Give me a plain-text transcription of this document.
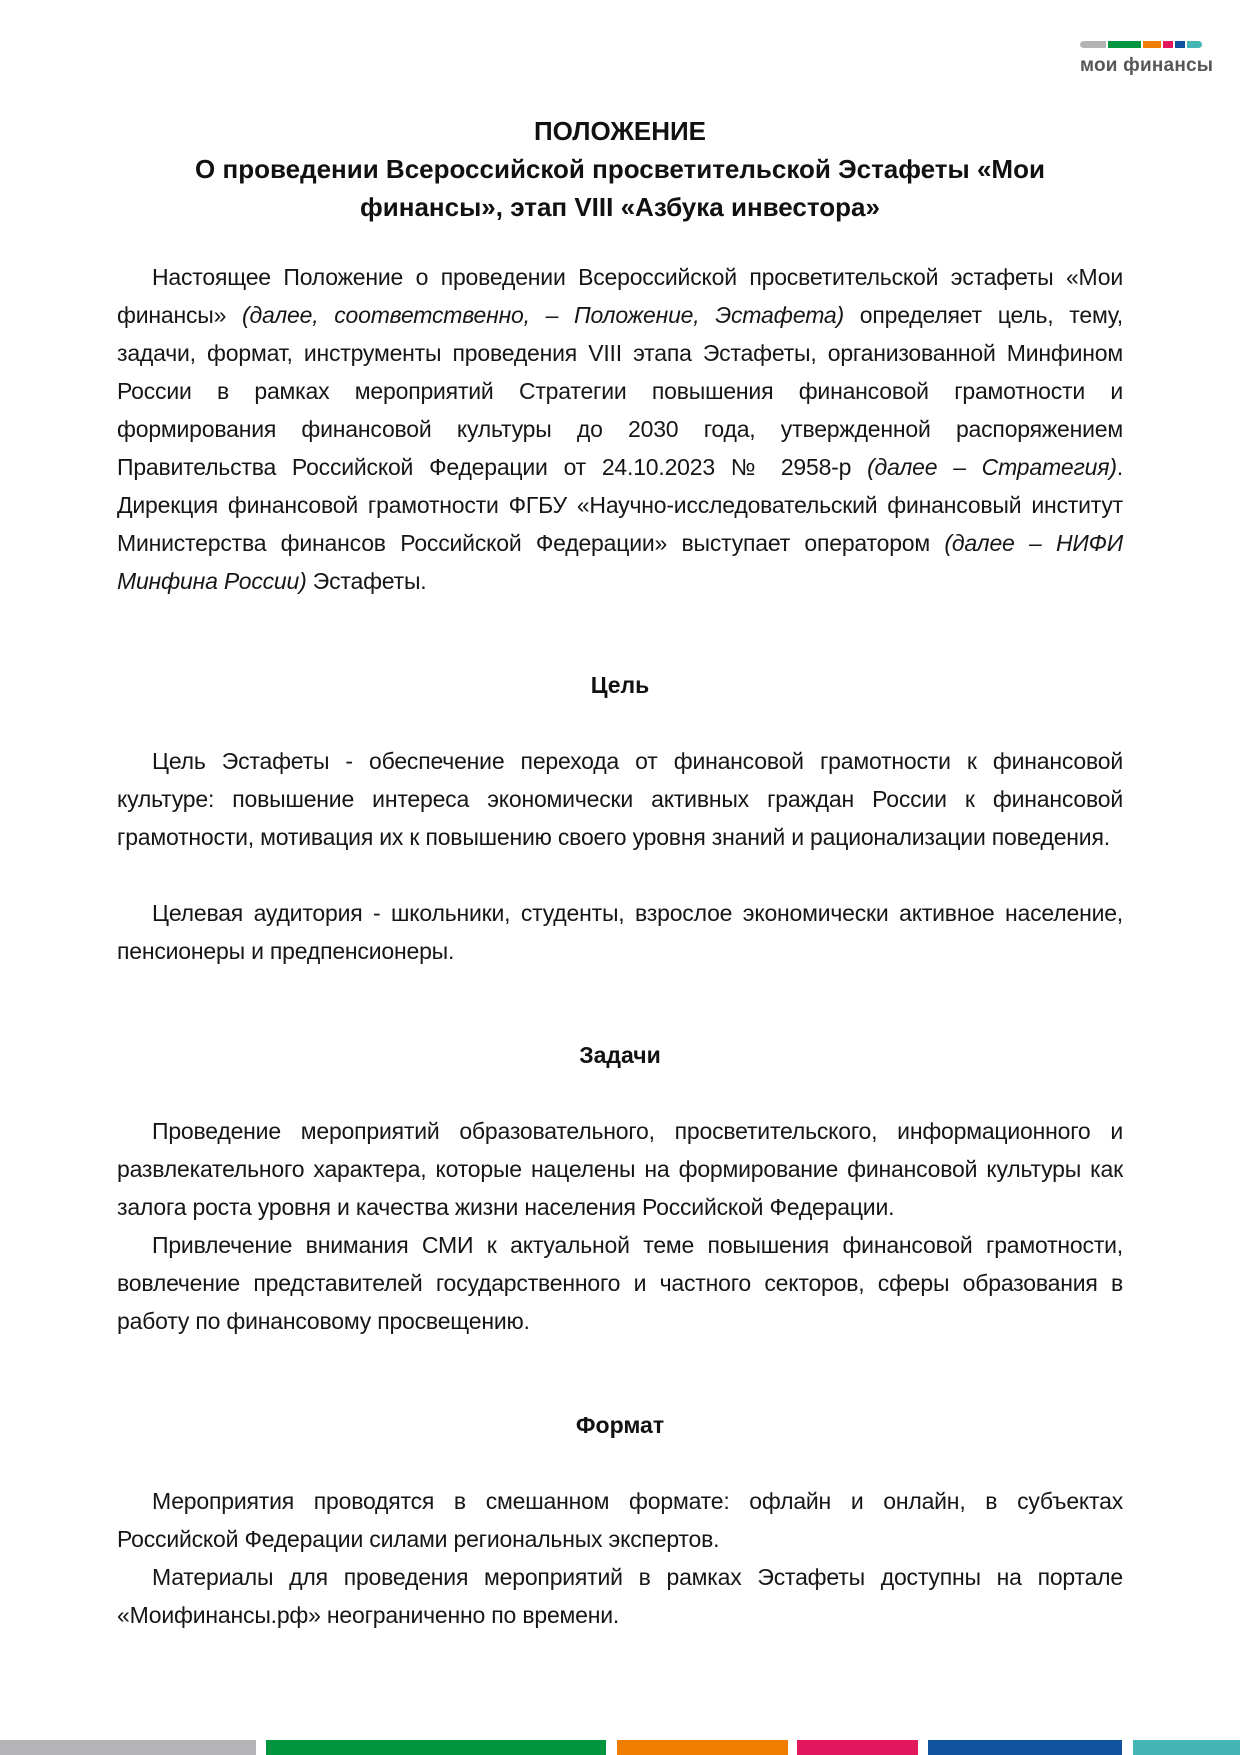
мои финансы
ПОЛОЖЕНИЕ
О проведении Всероссийской просветительской Эстафеты «Мои финансы», этап VIII «Азбука инвестора»

Настоящее Положение о проведении Всероссийской просветительской эстафеты «Мои финансы» (далее, соответственно, – Положение, Эстафета) определяет цель, тему, задачи, формат, инструменты проведения VIII этапа Эстафеты, организованной Минфином России в рамках мероприятий Стратегии повышения финансовой грамотности и формирования финансовой культуры до 2030 года, утвержденной распоряжением Правительства Российской Федерации от 24.10.2023 № 2958-р (далее – Стратегия). Дирекция финансовой грамотности ФГБУ «Научно-исследовательский финансовый институт Министерства финансов Российской Федерации» выступает оператором (далее – НИФИ Минфина России) Эстафеты.

Цель

Цель Эстафеты - обеспечение перехода от финансовой грамотности к финансовой культуре: повышение интереса экономически активных граждан России к финансовой грамотности, мотивация их к повышению своего уровня знаний и рационализации поведения.

Целевая аудитория - школьники, студенты, взрослое экономически активное население, пенсионеры и предпенсионеры.

Задачи

Проведение мероприятий образовательного, просветительского, информационного и развлекательного характера, которые нацелены на формирование финансовой культуры как залога роста уровня и качества жизни населения Российской Федерации.

Привлечение внимания СМИ к актуальной теме повышения финансовой грамотности, вовлечение представителей государственного и частного секторов, сферы образования в работу по финансовому просвещению.

Формат

Мероприятия проводятся в смешанном формате: офлайн и онлайн, в субъектах Российской Федерации силами региональных экспертов.

Материалы для проведения мероприятий в рамках Эстафеты доступны на портале «Моифинансы.рф» неограниченно по времени.
